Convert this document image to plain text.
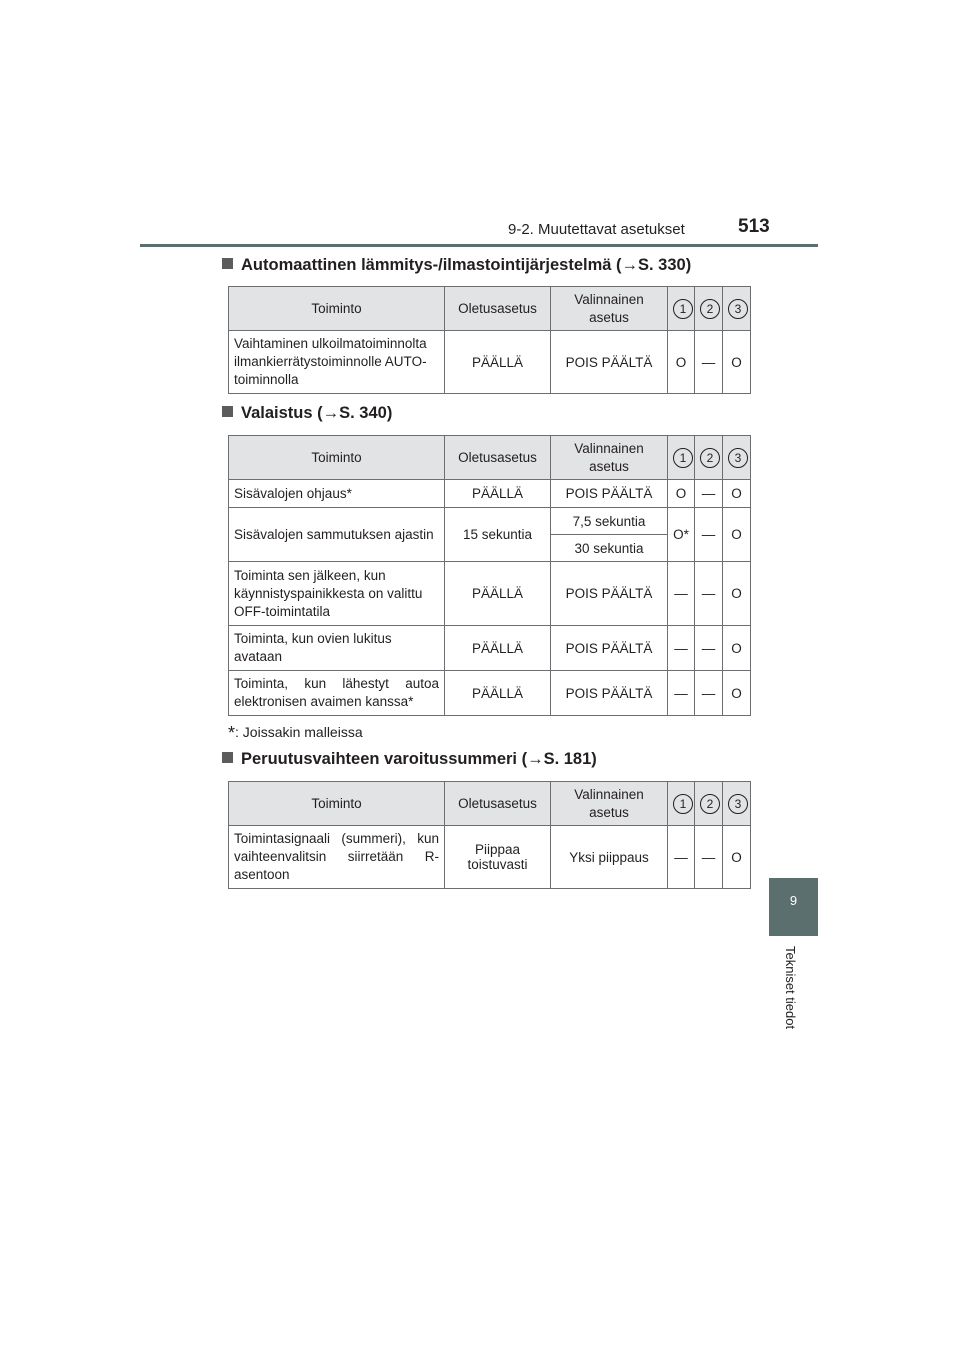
9-2. Muutettavat asetukset	513
9
Tekniset tiedot
Automaattinen lämmitys-/ilmastointijärjestelmä (→S. 330)
Toiminto	Oletusasetus	Valinnainen asetus	1	2	3
Vaihtaminen ulkoilmatoiminnolta ilmankierrätystoiminnolle AUTO-toiminnolla	PÄÄLLÄ	POIS PÄÄLTÄ	O	—	O
Valaistus (→S. 340)
Toiminto	Oletusasetus	Valinnainen asetus	1	2	3
Sisävalojen ohjaus*	PÄÄLLÄ	POIS PÄÄLTÄ	O	—	O
Sisävalojen sammutuksen ajastin	15 sekuntia	7,5 sekuntia	O*	—	O
		30 sekuntia			
Toiminta sen jälkeen, kun käynnistyspainikkesta on valittu OFF-toimintatila	PÄÄLLÄ	POIS PÄÄLTÄ	—	—	O
Toiminta, kun ovien lukitus avataan	PÄÄLLÄ	POIS PÄÄLTÄ	—	—	O
Toiminta, kun lähestyt autoa elektronisen avaimen kanssa*	PÄÄLLÄ	POIS PÄÄLTÄ	—	—	O
*: Joissakin malleissa
Peruutusvaihteen varoitussummeri (→S. 181)
Toiminto	Oletusasetus	Valinnainen asetus	1	2	3
Toimintasignaali (summeri), kun vaihteenvalitsin siirretään R-asentoon	Piippaa toistuvasti	Yksi piippaus	—	—	O
